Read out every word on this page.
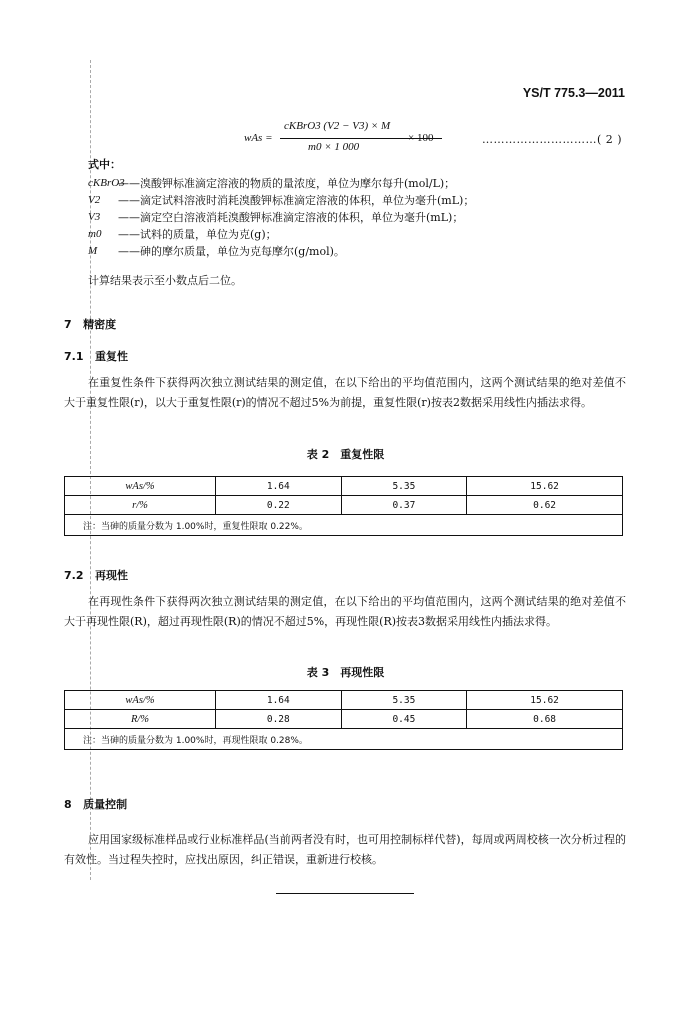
YS/T 775.3—2011
wAs =
cKBrO3 (V2 − V3) × M
m0 × 1 000
× 100	…………………………( 2 )
式中：
cKBrO3
——溴酸钾标准滴定溶液的物质的量浓度，单位为摩尔每升(mol/L)；
V2	——滴定试料溶液时消耗溴酸钾标准滴定溶液的体积，单位为毫升(mL)；
V3	——滴定空白溶液消耗溴酸钾标准滴定溶液的体积，单位为毫升(mL)；
m0	——试料的质量，单位为克(g)；
M	——砷的摩尔质量，单位为克每摩尔(g/mol)。
计算结果表示至小数点后二位。
7 精密度
7.1 重复性
在重复性条件下获得两次独立测试结果的测定值，在以下给出的平均值范围内，这两个测试结果的绝对差值不大于重复性限(r)，以大于重复性限(r)的情况不超过5%为前提，重复性限(r)按表2数据采用线性内插法求得。
表 2　重复性限
wAs/%	1.64	5.35	15.62
r/%	0.22	0.37	0.62
注：当砷的质量分数为 1.00%时，重复性限取 0.22%。			
7.2 再现性
在再现性条件下获得两次独立测试结果的测定值，在以下给出的平均值范围内，这两个测试结果的绝对差值不大于再现性限(R)，超过再现性限(R)的情况不超过5%，再现性限(R)按表3数据采用线性内插法求得。
表 3　再现性限
wAs/%	1.64	5.35	15.62
R/%	0.28	0.45	0.68
注：当砷的质量分数为 1.00%时，再现性限取 0.28%。			
8 质量控制
应用国家级标准样品或行业标准样品(当前两者没有时，也可用控制标样代替)，每周或两周校核一次分析过程的有效性。当过程失控时，应找出原因，纠正错误，重新进行校核。
